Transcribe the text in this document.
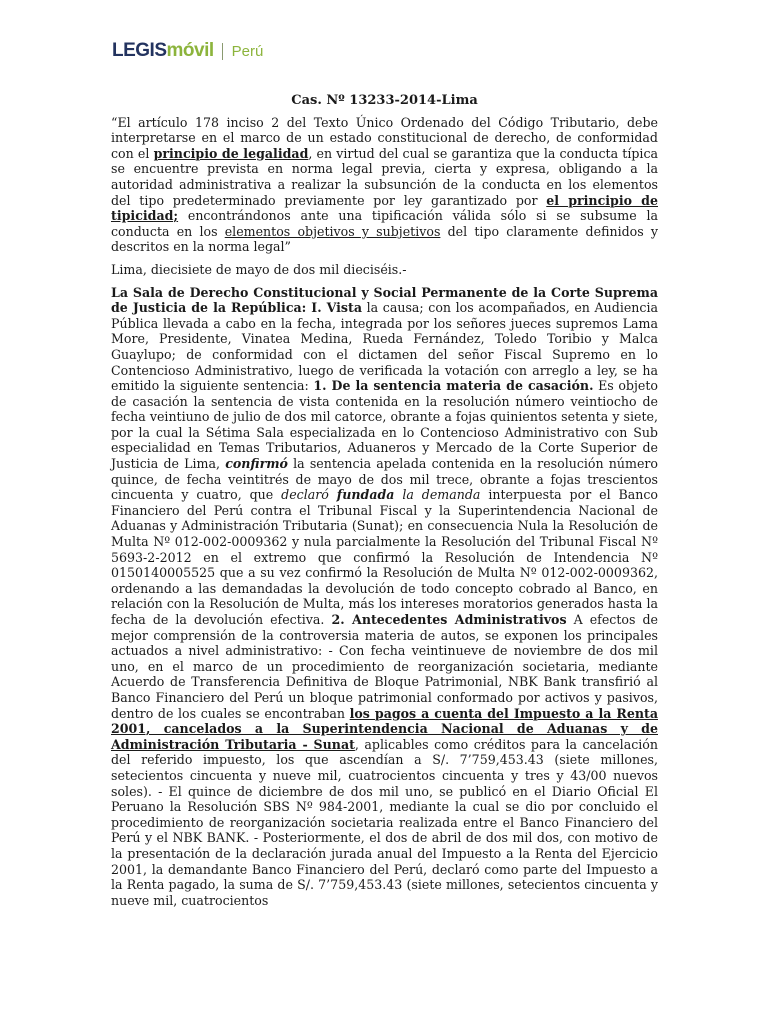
LEGIS móvil Perú
Cas. Nº 13233-2014-Lima

“El artículo 178 inciso 2 del Texto Único Ordenado del Código Tributario, debe interpretarse en el marco de un estado constitucional de derecho, de conformidad con el principio de legalidad, en virtud del cual se garantiza que la conducta típica se encuentre prevista en norma legal previa, cierta y expresa, obligando a la autoridad administrativa a realizar la subsunción de la conducta en los elementos del tipo predeterminado previamente por ley garantizado por el principio de tipicidad; encontrándonos ante una tipificación válida sólo si se subsume la conducta en los elementos objetivos y subjetivos del tipo claramente definidos y descritos en la norma legal”

Lima, diecisiete de mayo de dos mil dieciséis.-

La Sala de Derecho Constitucional y Social Permanente de la Corte Suprema de Justicia de la República: I. Vista la causa; con los acompañados, en Audiencia Pública llevada a cabo en la fecha, integrada por los señores jueces supremos Lama More, Presidente, Vinatea Medina, Rueda Fernández, Toledo Toribio y Malca Guaylupo; de conformidad con el dictamen del señor Fiscal Supremo en lo Contencioso Administrativo, luego de verificada la votación con arreglo a ley, se ha emitido la siguiente sentencia: 1. De la sentencia materia de casación. Es objeto de casación la sentencia de vista contenida en la resolución número veintiocho de fecha veintiuno de julio de dos mil catorce, obrante a fojas quinientos setenta y siete, por la cual la Sétima Sala especializada en lo Contencioso Administrativo con Sub especialidad en Temas Tributarios, Aduaneros y Mercado de la Corte Superior de Justicia de Lima, confirmó la sentencia apelada contenida en la resolución número quince, de fecha veintitrés de mayo de dos mil trece, obrante a fojas trescientos cincuenta y cuatro, que declaró fundada la demanda interpuesta por el Banco Financiero del Perú contra el Tribunal Fiscal y la Superintendencia Nacional de Aduanas y Administración Tributaria (Sunat); en consecuencia Nula la Resolución de Multa Nº 012-002-0009362 y nula parcialmente la Resolución del Tribunal Fiscal Nº 5693-2-2012 en el extremo que confirmó la Resolución de Intendencia Nº 0150140005525 que a su vez confirmó la Resolución de Multa Nº 012-002-0009362, ordenando a las demandadas la devolución de todo concepto cobrado al Banco, en relación con la Resolución de Multa, más los intereses moratorios generados hasta la fecha de la devolución efectiva. 2. Antecedentes Administrativos A efectos de mejor comprensión de la controversia materia de autos, se exponen los principales actuados a nivel administrativo: - Con fecha veintinueve de noviembre de dos mil uno, en el marco de un procedimiento de reorganización societaria, mediante Acuerdo de Transferencia Definitiva de Bloque Patrimonial, NBK Bank transfirió al Banco Financiero del Perú un bloque patrimonial conformado por activos y pasivos, dentro de los cuales se encontraban los pagos a cuenta del Impuesto a la Renta 2001, cancelados a la Superintendencia Nacional de Aduanas y de Administración Tributaria - Sunat, aplicables como créditos para la cancelación del referido impuesto, los que ascendían a S/. 7’759,453.43 (siete millones, setecientos cincuenta y nueve mil, cuatrocientos cincuenta y tres y 43/00 nuevos soles). - El quince de diciembre de dos mil uno, se publicó en el Diario Oficial El Peruano la Resolución SBS Nº 984-2001, mediante la cual se dio por concluido el procedimiento de reorganización societaria realizada entre el Banco Financiero del Perú y el NBK BANK. - Posteriormente, el dos de abril de dos mil dos, con motivo de la presentación de la declaración jurada anual del Impuesto a la Renta del Ejercicio 2001, la demandante Banco Financiero del Perú, declaró como parte del Impuesto a la Renta pagado, la suma de S/. 7’759,453.43 (siete millones, setecientos cincuenta y nueve mil, cuatrocientos
